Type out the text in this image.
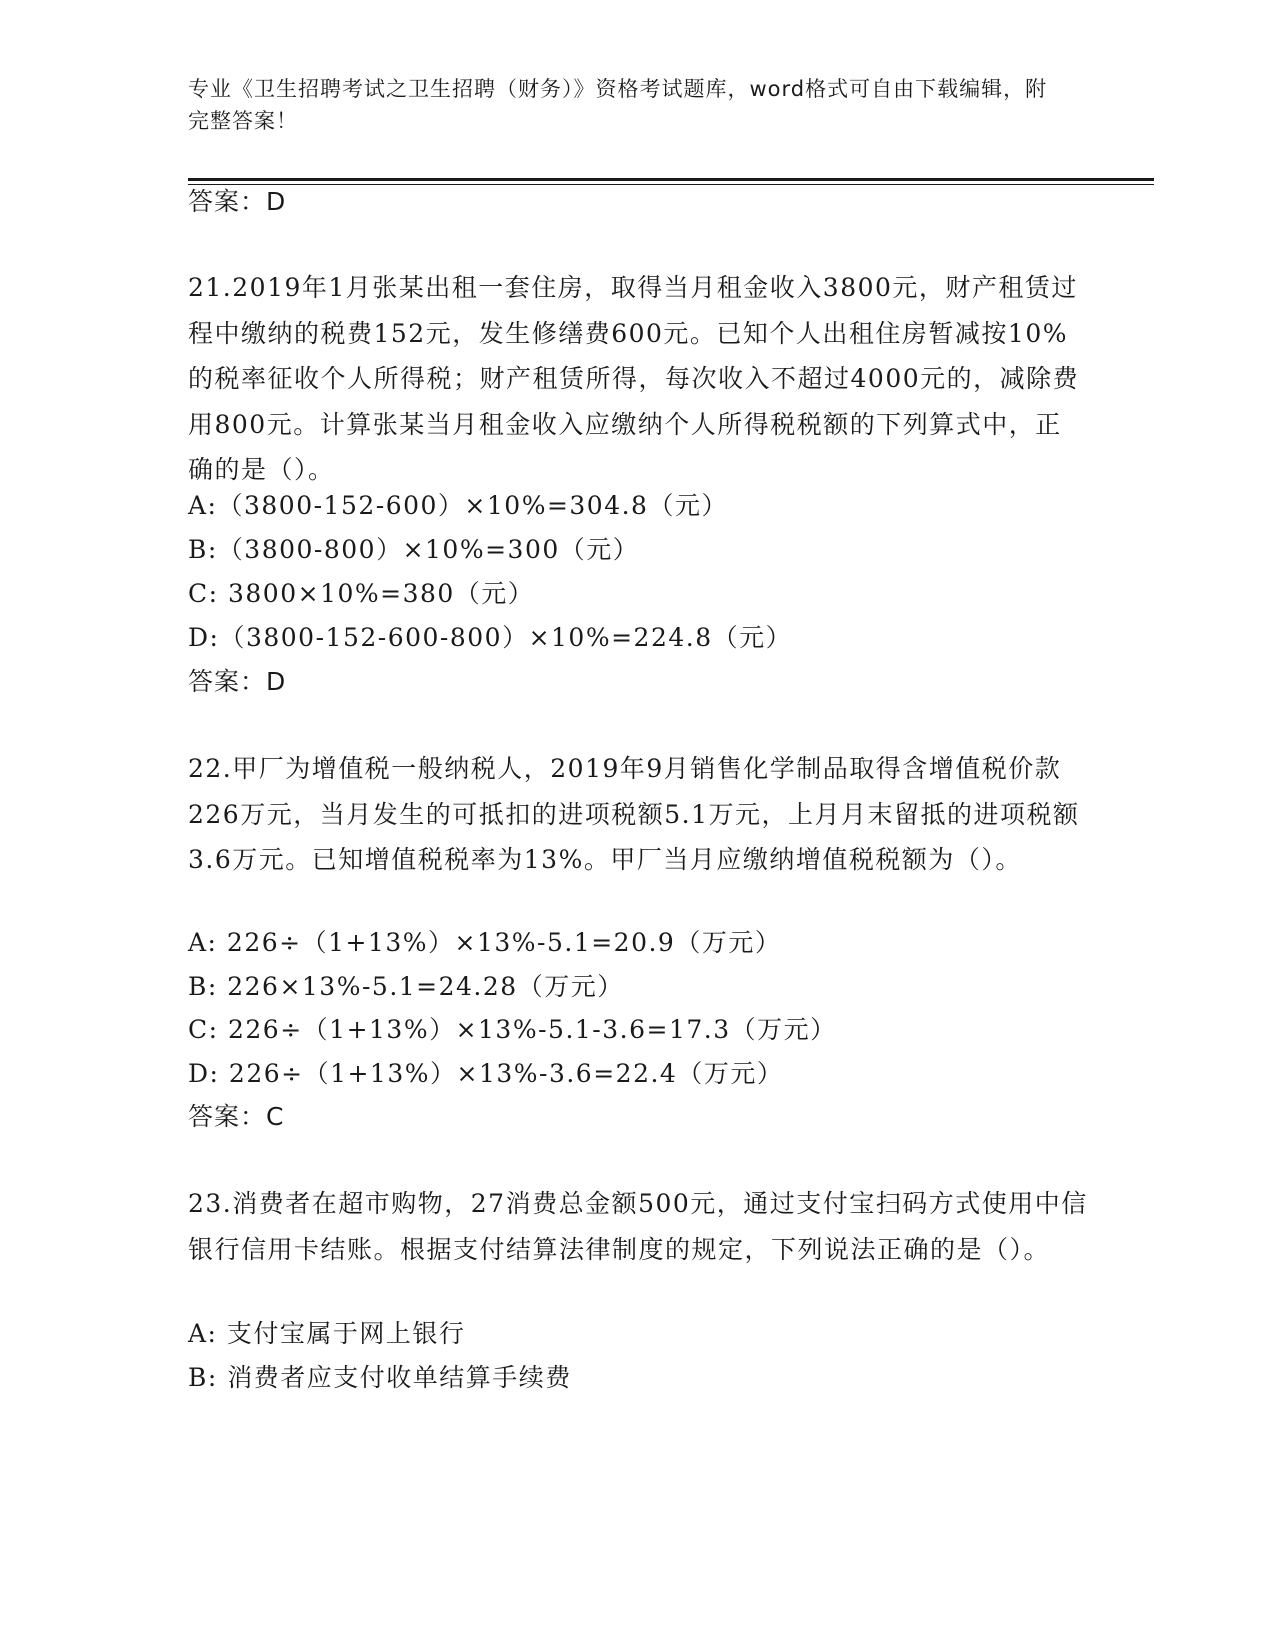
专业《卫生招聘考试之卫生招聘（财务）》资格考试题库，word格式可自由下载编辑，附完整答案！
答案：D
21.2019年1月张某出租一套住房，取得当月租金收入3800元，财产租赁过程中缴纳的税费152元，发生修缮费600元。已知个人出租住房暂减按10%的税率征收个人所得税；财产租赁所得，每次收入不超过4000元的，减除费用800元。计算张某当月租金收入应缴纳个人所得税税额的下列算式中，正确的是（）。
A:（3800-152-600）×10%=304.8（元）
B:（3800-800）×10%=300（元）
C: 3800×10%=380（元）
D:（3800-152-600-800）×10%=224.8（元）
答案：D
22.甲厂为增值税一般纳税人，2019年9月销售化学制品取得含增值税价款226万元，当月发生的可抵扣的进项税额5.1万元，上月月末留抵的进项税额3.6万元。已知增值税税率为13%。甲厂当月应缴纳增值税税额为（）。
A: 226÷（1+13%）×13%-5.1=20.9（万元）
B: 226×13%-5.1=24.28（万元）
C: 226÷（1+13%）×13%-5.1-3.6=17.3（万元）
D: 226÷（1+13%）×13%-3.6=22.4（万元）
答案：C
23.消费者在超市购物，27消费总金额500元，通过支付宝扫码方式使用中信银行信用卡结账。根据支付结算法律制度的规定，下列说法正确的是（）。
A: 支付宝属于网上银行
B: 消费者应支付收单结算手续费
